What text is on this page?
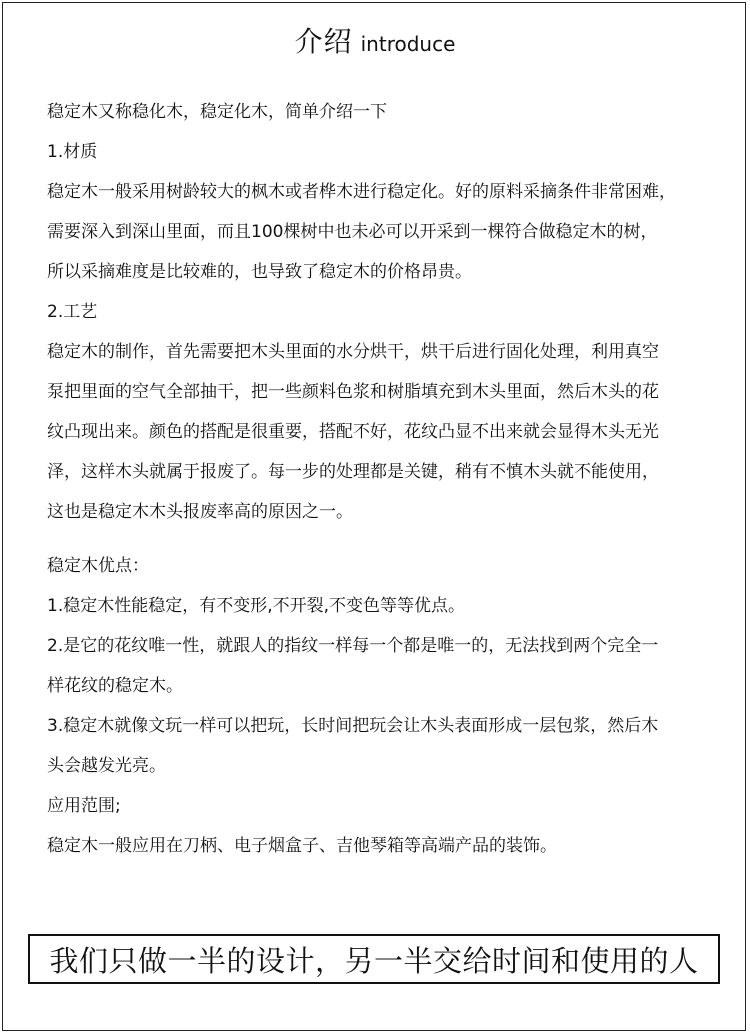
介绍 introduce

稳定木又称稳化木，稳定化木，简单介绍一下

1.材质

稳定木一般采用树龄较大的枫木或者桦木进行稳定化。好的原料采摘条件非常困难，

需要深入到深山里面，而且100棵树中也未必可以开采到一棵符合做稳定木的树，

所以采摘难度是比较难的，也导致了稳定木的价格昂贵。

2.工艺

稳定木的制作，首先需要把木头里面的水分烘干，烘干后进行固化处理，利用真空

泵把里面的空气全部抽干，把一些颜料色浆和树脂填充到木头里面，然后木头的花

纹凸现出来。颜色的搭配是很重要，搭配不好，花纹凸显不出来就会显得木头无光

泽，这样木头就属于报废了。每一步的处理都是关键，稍有不慎木头就不能使用，

这也是稳定木木头报废率高的原因之一。

稳定木优点：

1.稳定木性能稳定，有不变形,不开裂,不变色等等优点。

2.是它的花纹唯一性，就跟人的指纹一样每一个都是唯一的，无法找到两个完全一

样花纹的稳定木。

3.稳定木就像文玩一样可以把玩，长时间把玩会让木头表面形成一层包浆，然后木

头会越发光亮。

应用范围;

稳定木一般应用在刀柄、电子烟盒子、吉他琴箱等高端产品的装饰。

我们只做一半的设计，另一半交给时间和使用的人
